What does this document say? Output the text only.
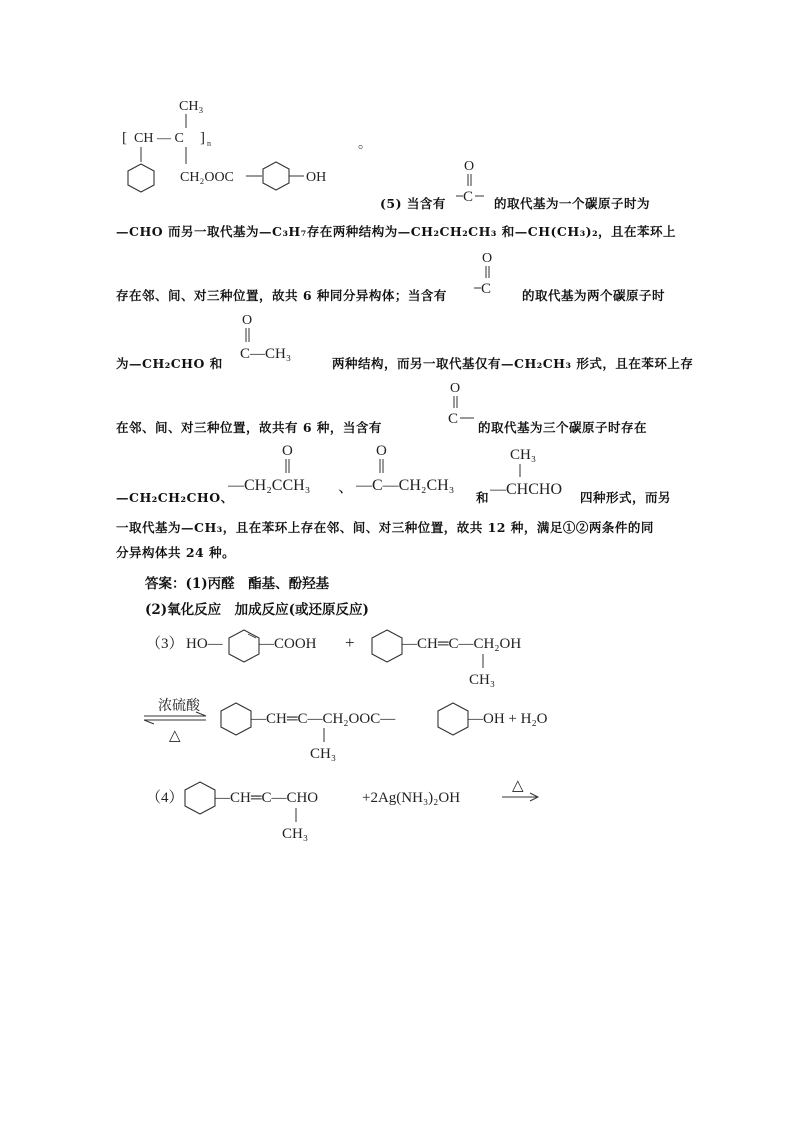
CH₃
[ CH — C ] n
CH₂OOC	OH
。
(5) 当含有
O
C 的取代基为一个碳原子时为
—CHO 而另一取代基为—C₃H₇存在两种结构为—CH₂CH₂CH₃ 和—CH(CH₃)₂，且在苯环上
存在邻、间、对三种位置，故共 6 种同分异构体；当含有
O
C 的取代基为两个碳原子时
为—CH₂CHO 和
O
C—CH₃
两种结构，而另一取代基仅有—CH₂CH₃ 形式，且在苯环上存
在邻、间、对三种位置，故共有 6 种，当含有
O
C
的取代基为三个碳原子时存在
—CH₂CH₂CHO、
O
—CH₂CCH₃ 、
O
—C—CH₂CH₃
和
CH₃
—CHCHO 四种形式，而另
一取代基为—CH₃，且在苯环上存在邻、间、对三种位置，故共 12 种，满足①②两条件的同
分异构体共 24 种。
答案：(1)丙醛　酯基、酚羟基
(2)氧化反应　加成反应(或还原反应)
（3） HO— —COOH +	—CH═C—CH₂OH
CH₃
浓硫酸
△
—CH═C—CH₂OOC—
CH₃
—OH + H₂O
（4） —CH═C—CHO
CH₃
+2Ag(NH₃)₂OH
△
